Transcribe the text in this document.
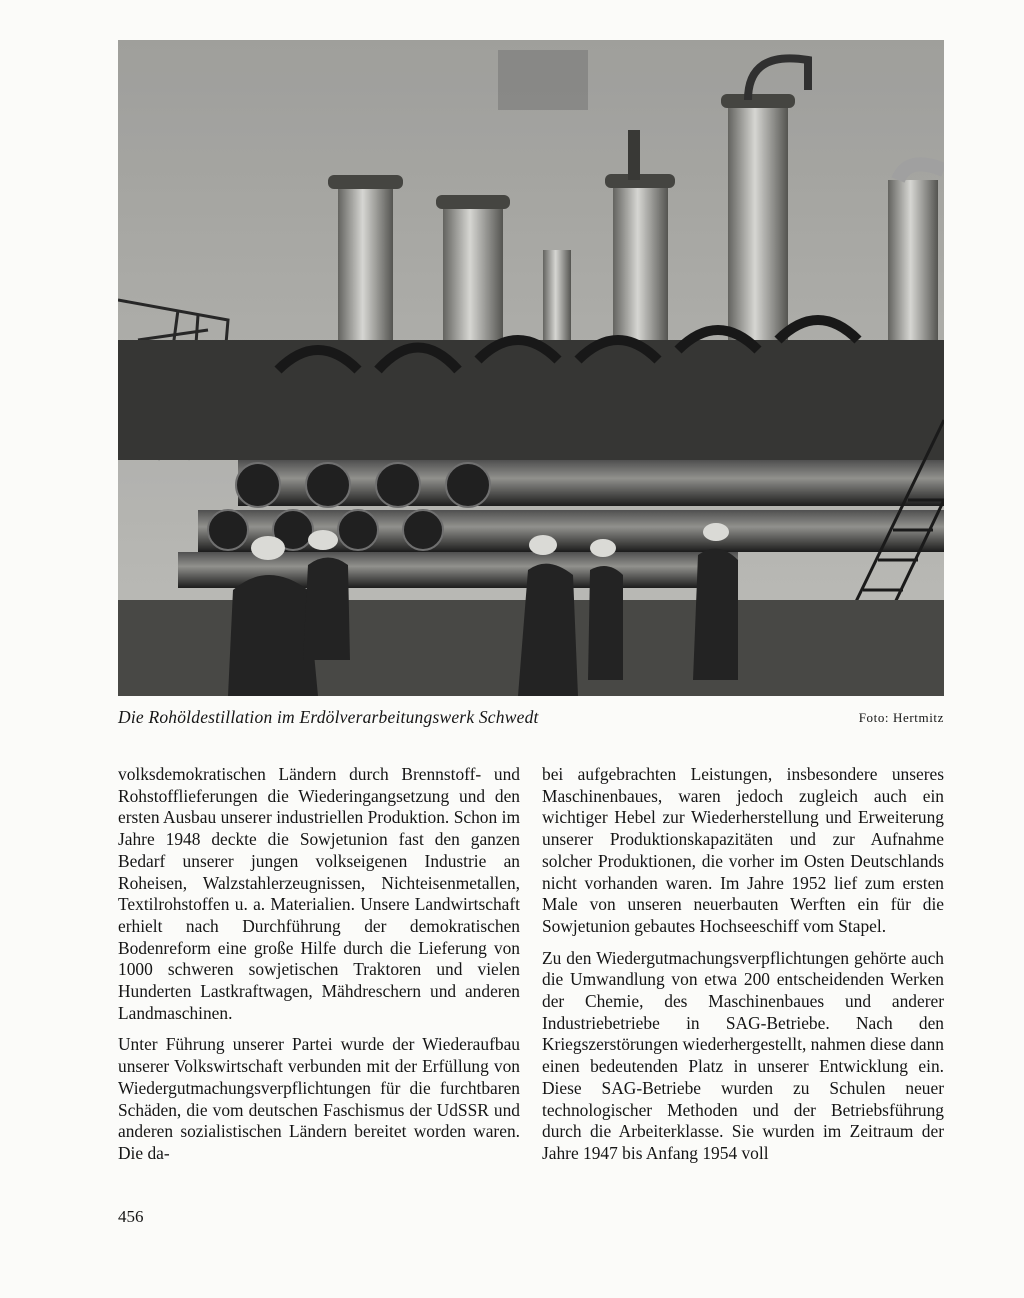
Die Rohöldestillation im Erdölverarbeitungswerk Schwedt	Foto: Hertmitz

volksdemokratischen Ländern durch Brennstoff- und Rohstofflieferungen die Wiederingangsetzung und den ersten Ausbau unserer industriellen Produktion. Schon im Jahre 1948 deckte die Sowjetunion fast den ganzen Bedarf unserer jungen volkseigenen Industrie an Roheisen, Walzstahlerzeugnissen, Nichteisenmetallen, Textilrohstoffen u. a. Materialien. Unsere Landwirtschaft erhielt nach Durchführung der demokratischen Bodenreform eine große Hilfe durch die Lieferung von 1000 schweren sowjetischen Traktoren und vielen Hunderten Lastkraftwagen, Mähdreschern und anderen Landmaschinen.

Unter Führung unserer Partei wurde der Wiederaufbau unserer Volkswirtschaft verbunden mit der Erfüllung von Wiedergutmachungsverpflichtungen für die furchtbaren Schäden, die vom deutschen Faschismus der UdSSR und anderen sozialistischen Ländern bereitet worden waren. Die da-

bei aufgebrachten Leistungen, insbesondere unseres Maschinenbaues, waren jedoch zugleich auch ein wichtiger Hebel zur Wiederherstellung und Erweiterung unserer Produktionskapazitäten und zur Aufnahme solcher Produktionen, die vorher im Osten Deutschlands nicht vorhanden waren. Im Jahre 1952 lief zum ersten Male von unseren neuerbauten Werften ein für die Sowjetunion gebautes Hochseeschiff vom Stapel.

Zu den Wiedergutmachungsverpflichtungen gehörte auch die Umwandlung von etwa 200 entscheidenden Werken der Chemie, des Maschinenbaues und anderer Industriebetriebe in SAG-Betriebe. Nach den Kriegszerstörungen wiederhergestellt, nahmen diese dann einen bedeutenden Platz in unserer Entwicklung ein. Diese SAG-Betriebe wurden zu Schulen neuer technologischer Methoden und der Betriebsführung durch die Arbeiterklasse. Sie wurden im Zeitraum der Jahre 1947 bis Anfang 1954 voll

456
